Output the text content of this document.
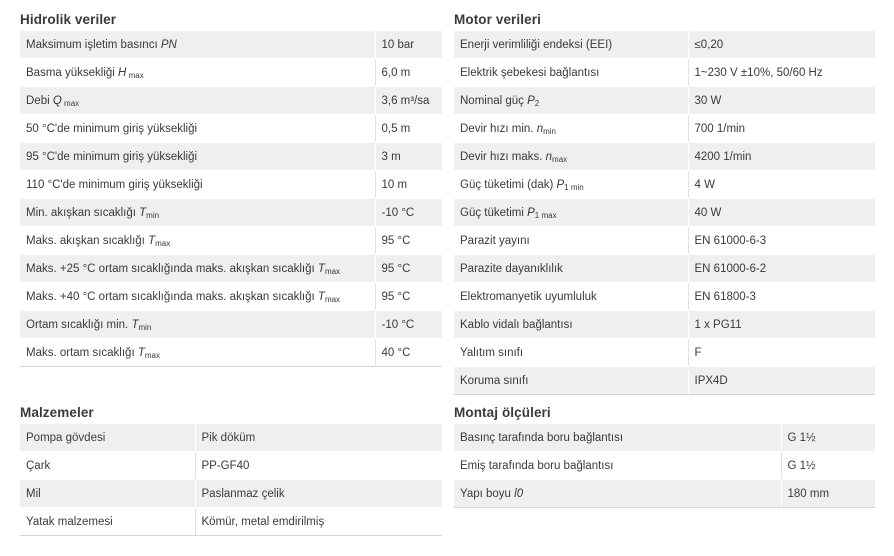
Hidrolik veriler
Maksimum işletim basıncı PN	10 bar
Basma yüksekliği H $_{max}$	6,0 m
Debi Q $_{max}$	3,6 m³/sa
50 °C'de minimum giriş yüksekliği	0,5 m
95 °C'de minimum giriş yüksekliği	3 m
110 °C'de minimum giriş yüksekliği	10 m
Min. akışkan sıcaklığı $T_{min}$	-10 °C
Maks. akışkan sıcaklığı $T_{max}$	95 °C
Maks. +25 °C ortam sıcaklığında maks. akışkan sıcaklığı $T_{max}$	95 °C
Maks. +40 °C ortam sıcaklığında maks. akışkan sıcaklığı $T_{max}$	95 °C
Ortam sıcaklığı min. $T_{min}$	-10 °C
Maks. ortam sıcaklığı $T_{max}$	40 °C
Motor verileri
Enerji verimliliği endeksi (EEI)	≤0,20
Elektrik şebekesi bağlantısı	1~230 V ±10%, 50/60 Hz
Nominal güç $P_2$	30 W
Devir hızı min. $n_{min}$	700 1/min
Devir hızı maks. $n_{max}$	4200 1/min
Güç tüketimi (dak) $P_{1 min}$	4 W
Güç tüketimi $P_{1 max}$	40 W
Parazit yayını	EN 61000-6-3
Parazite dayanıklılık	EN 61000-6-2
Elektromanyetik uyumluluk	EN 61800-3
Kablo vidalı bağlantısı	1 x PG11
Yalıtım sınıfı	F
Koruma sınıfı	IPX4D
Malzemeler
Pompa gövdesi	Pik döküm
Çark	PP-GF40
Mil	Paslanmaz çelik
Yatak malzemesi	Kömür, metal emdirilmiş
Montaj ölçüleri
Basınç tarafında boru bağlantısı	G 1½
Emiş tarafında boru bağlantısı	G 1½
Yapı boyu l0	180 mm
